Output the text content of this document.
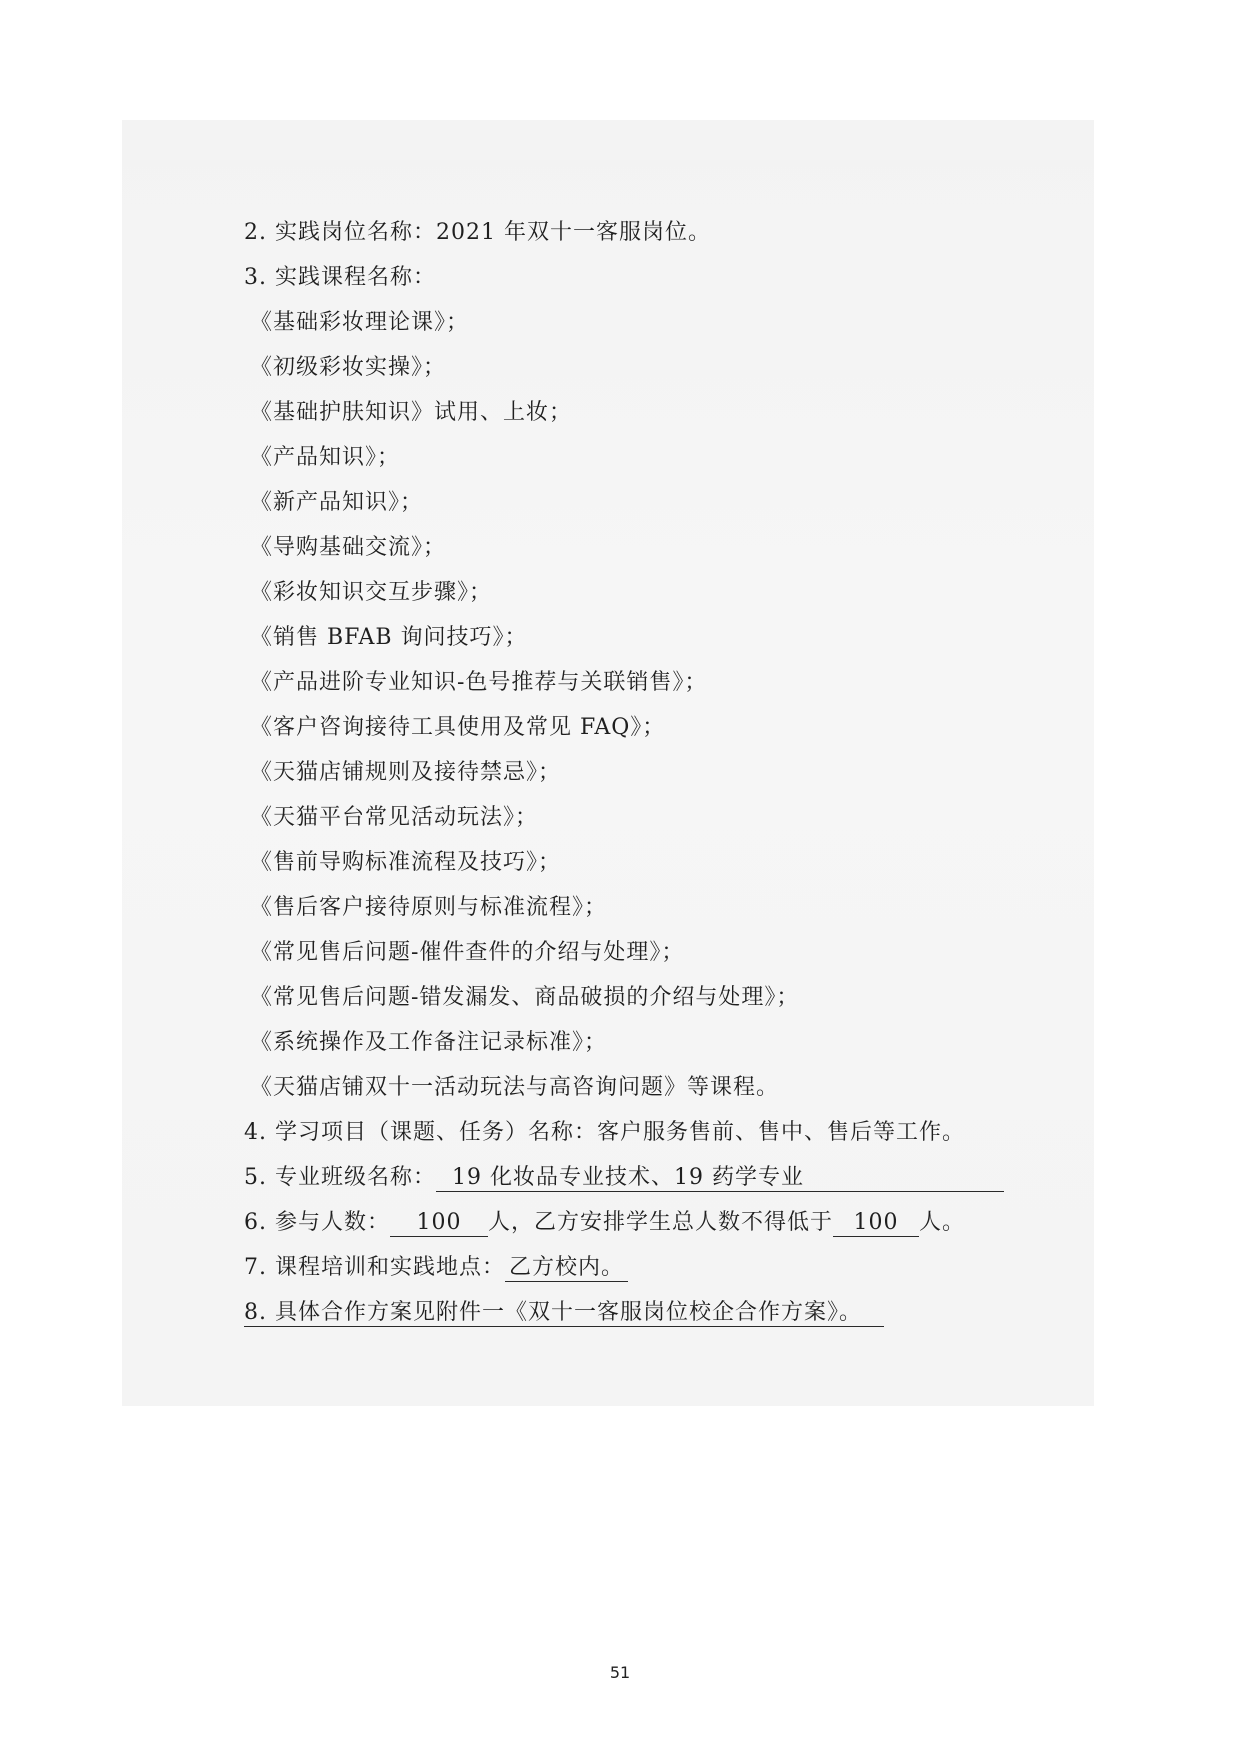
2. 实践岗位名称：2021 年双十一客服岗位。
3. 实践课程名称：
《基础彩妆理论课》；
《初级彩妆实操》；
《基础护肤知识》试用、上妆；
《产品知识》；
《新产品知识》；
《导购基础交流》；
《彩妆知识交互步骤》；
《销售 BFAB 询问技巧》；
《产品进阶专业知识-色号推荐与关联销售》；
《客户咨询接待工具使用及常见 FAQ》；
《天猫店铺规则及接待禁忌》；
《天猫平台常见活动玩法》；
《售前导购标准流程及技巧》；
《售后客户接待原则与标准流程》；
《常见售后问题-催件查件的介绍与处理》；
《常见售后问题-错发漏发、商品破损的介绍与处理》；
《系统操作及工作备注记录标准》；
《天猫店铺双十一活动玩法与高咨询问题》等课程。
4. 学习项目（课题、任务）名称：客户服务售前、售中、售后等工作。
5. 专业班级名称： 19 化妆品专业技术、19 药学专业
6. 参与人数： 100 人，乙方安排学生总人数不得低于 100 人。
7. 课程培训和实践地点： 乙方校内。
8. 具体合作方案见附件一《双十一客服岗位校企合作方案》。
51
